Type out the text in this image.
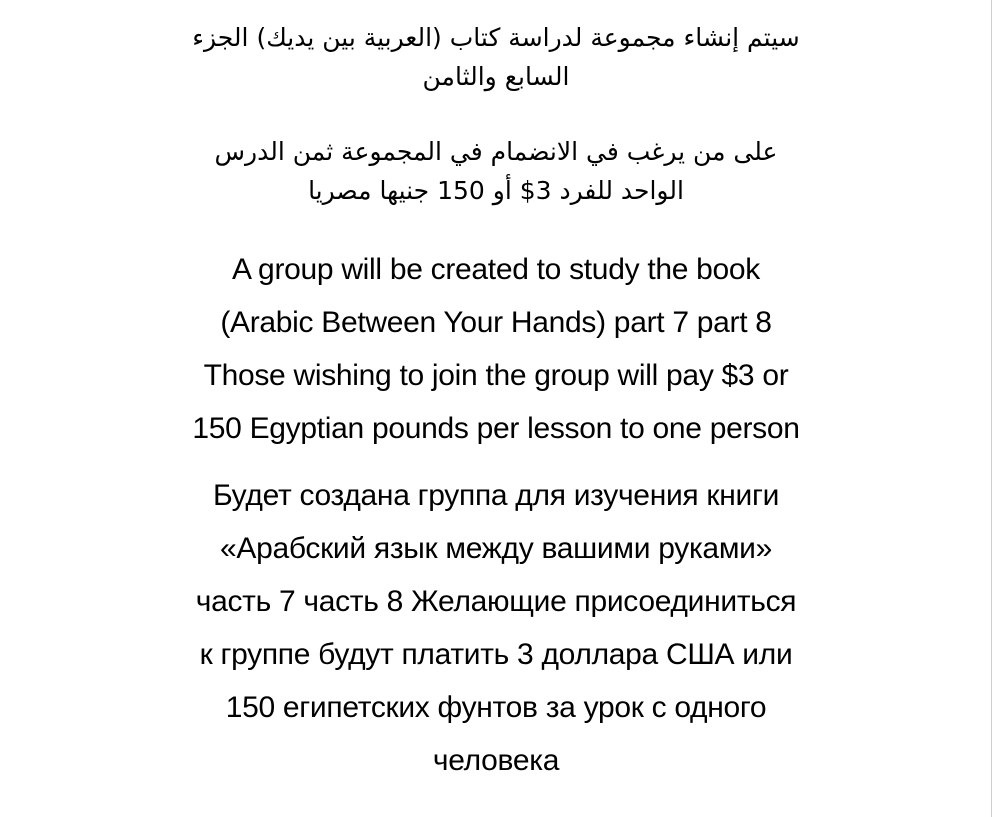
سيتم إنشاء مجموعة لدراسة كتاب (العربية بين يديك) الجزء
السابع والثامن
على من يرغب في الانضمام في المجموعة ثمن الدرس
الواحد للفرد 3$ أو 150 جنيها مصريا
A group will be created to study the book
(Arabic Between Your Hands) part 7 part 8
Those wishing to join the group will pay $3 or
150 Egyptian pounds per lesson to one person
Будет создана группа для изучения книги
«Арабский язык между вашими руками»
часть 7 часть 8 Желающие присоединиться
к группе будут платить 3 доллара США или
150 египетских фунтов за урок с одного
человека
